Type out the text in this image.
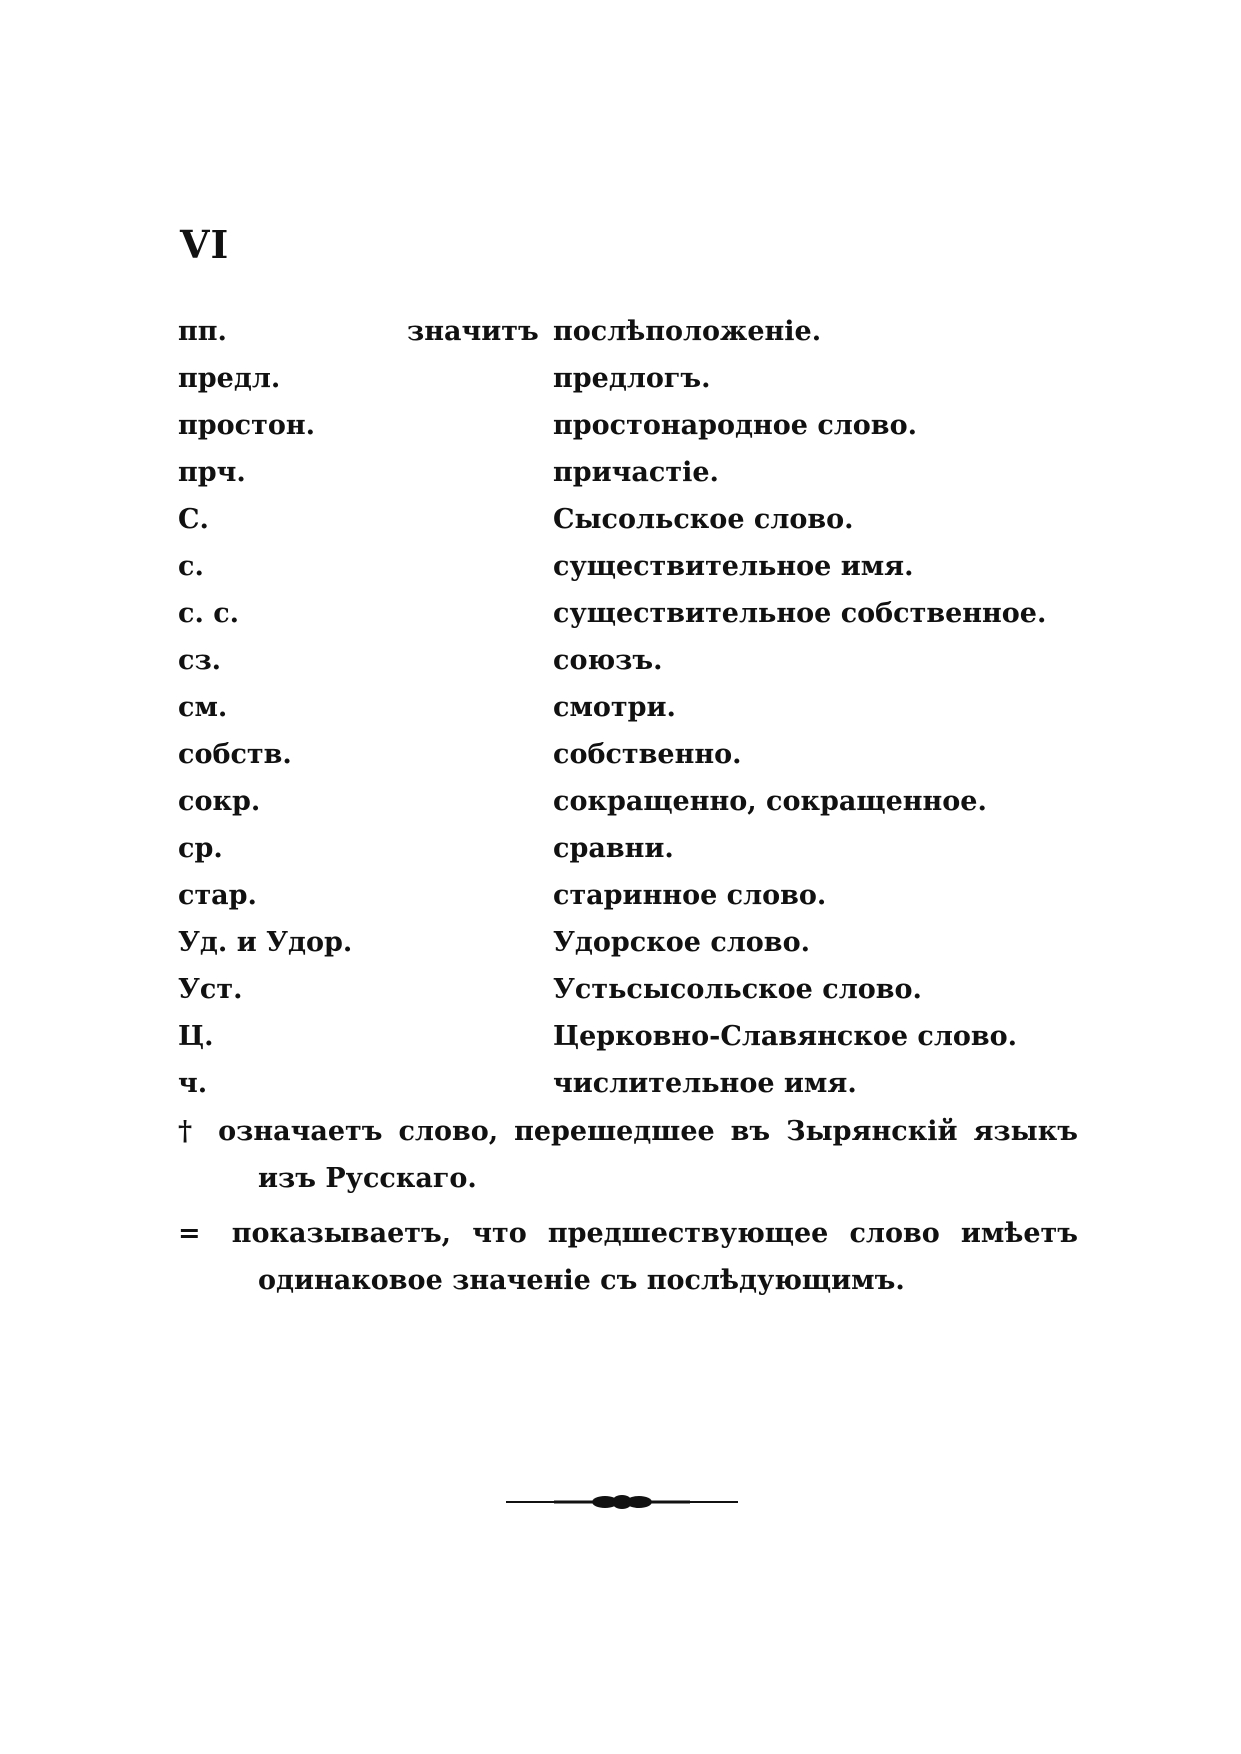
VI
пп.	значитъ послѣположенie.
предл.	предлогъ.
простон.	простонародное слово.
прч.	причастie.
С.	Сысольское слово.
с.	существительное имя.
с. с.	существительное собственное.
сз.	союзъ.
см.	смотри.
собств.	собственно.
сокр.	сокращенно, сокращенное.
ср.	сравни.
стар.	старинное слово.
Уд. и Удор.	Удорское слово.
Уст.	Устьсысольское слово.
Ц.	Церковно-Славянское слово.
ч.	числительное имя.
† означаетъ слово, перешедшее въ Зырянскiй языкъ
изъ Русскаго.
= показываетъ, что предшествующее слово имѣетъ
одинаковое значенie съ послѣдующимъ.
